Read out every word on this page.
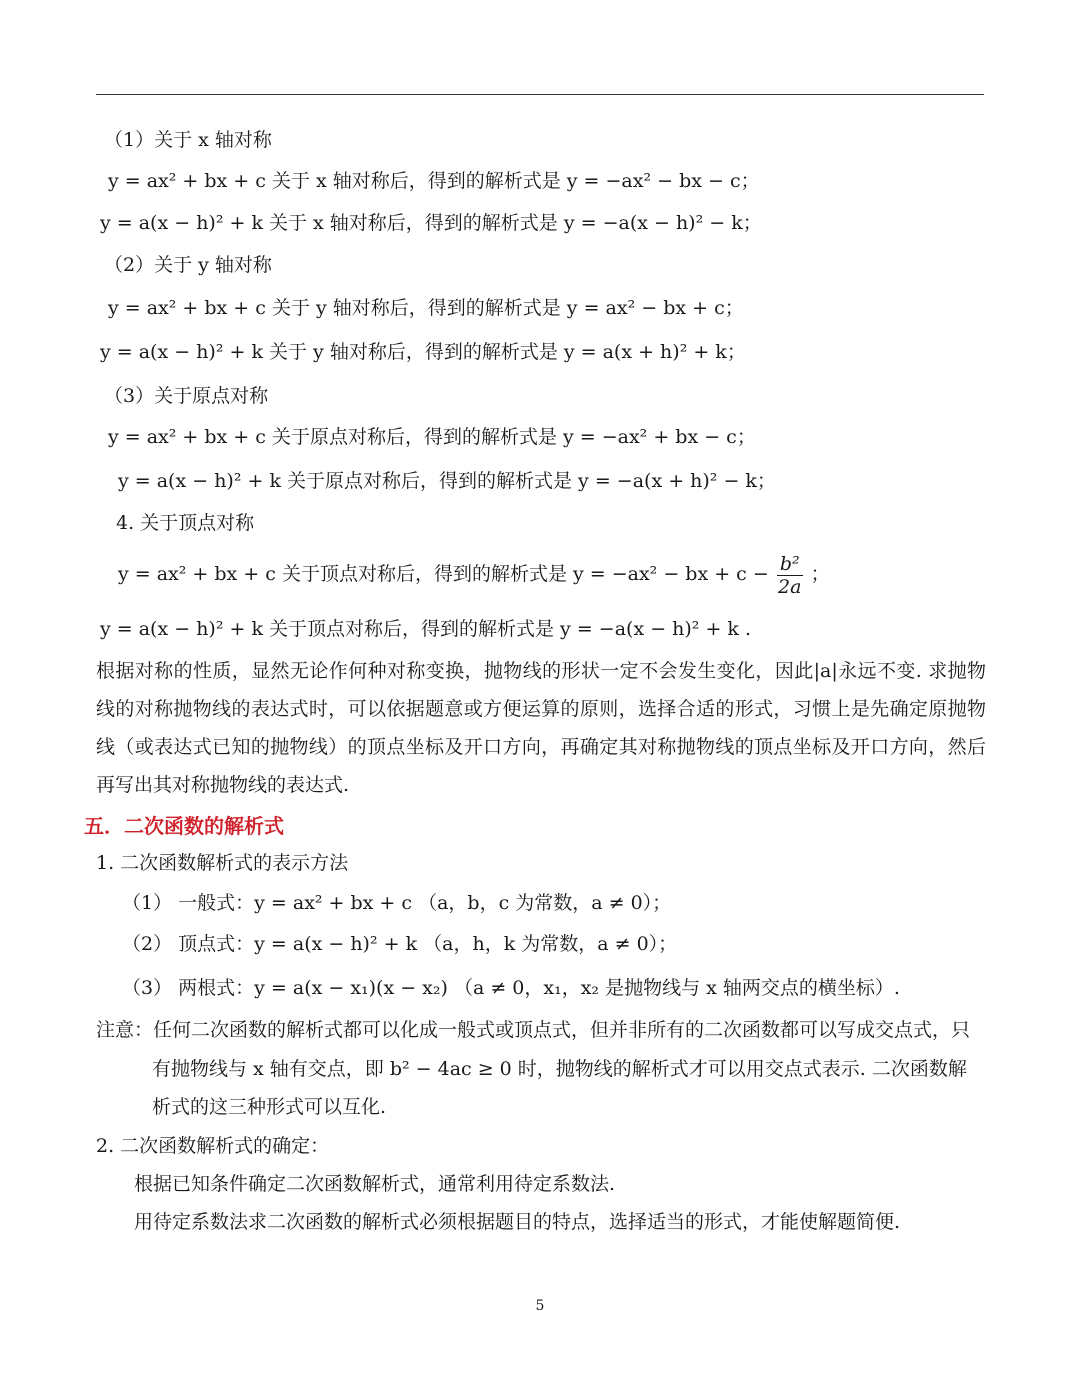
（1）关于 x 轴对称
y = ax² + bx + c 关于 x 轴对称后，得到的解析式是 y = −ax² − bx − c；
y = a(x − h)² + k 关于 x 轴对称后，得到的解析式是 y = −a(x − h)² − k；
（2）关于 y 轴对称
y = ax² + bx + c 关于 y 轴对称后，得到的解析式是 y = ax² − bx + c；
y = a(x − h)² + k 关于 y 轴对称后，得到的解析式是 y = a(x + h)² + k；
（3）关于原点对称
y = ax² + bx + c 关于原点对称后，得到的解析式是 y = −ax² + bx − c；
y = a(x − h)² + k 关于原点对称后，得到的解析式是 y = −a(x + h)² − k；
4. 关于顶点对称
y = ax² + bx + c 关于顶点对称后，得到的解析式是 y = −ax² − bx + $c - \frac{\text{b²}}{2a}$ ；
y = a(x − h)² + k 关于顶点对称后，得到的解析式是 y = −a(x − h)² + k .
根据对称的性质，显然无论作何种对称变换，抛物线的形状一定不会发生变化，因此|a|永远不变. 求抛物线的对称抛物线的表达式时，可以依据题意或方便运算的原则，选择合适的形式，习惯上是先确定原抛物线（或表达式已知的抛物线）的顶点坐标及开口方向，再确定其对称抛物线的顶点坐标及开口方向，然后再写出其对称抛物线的表达式.
五．二次函数的解析式
1. 二次函数解析式的表示方法
（1） 一般式：y = ax² + bx + c （a，b，c 为常数，a ≠ 0）；
（2） 顶点式：y = a(x − h)² + k （a，h，k 为常数，a ≠ 0）；
（3） 两根式：y = a(x − x₁)(x − x₂) （a ≠ 0，x₁，x₂ 是抛物线与 x 轴两交点的横坐标）.
注意：任何二次函数的解析式都可以化成一般式或顶点式，但并非所有的二次函数都可以写成交点式，只
有抛物线与 x 轴有交点，即 b² − 4ac ≥ 0 时，抛物线的解析式才可以用交点式表示. 二次函数解析式的这三种形式可以互化.
2. 二次函数解析式的确定：
根据已知条件确定二次函数解析式，通常利用待定系数法.
用待定系数法求二次函数的解析式必须根据题目的特点，选择适当的形式，才能使解题简便.
5
